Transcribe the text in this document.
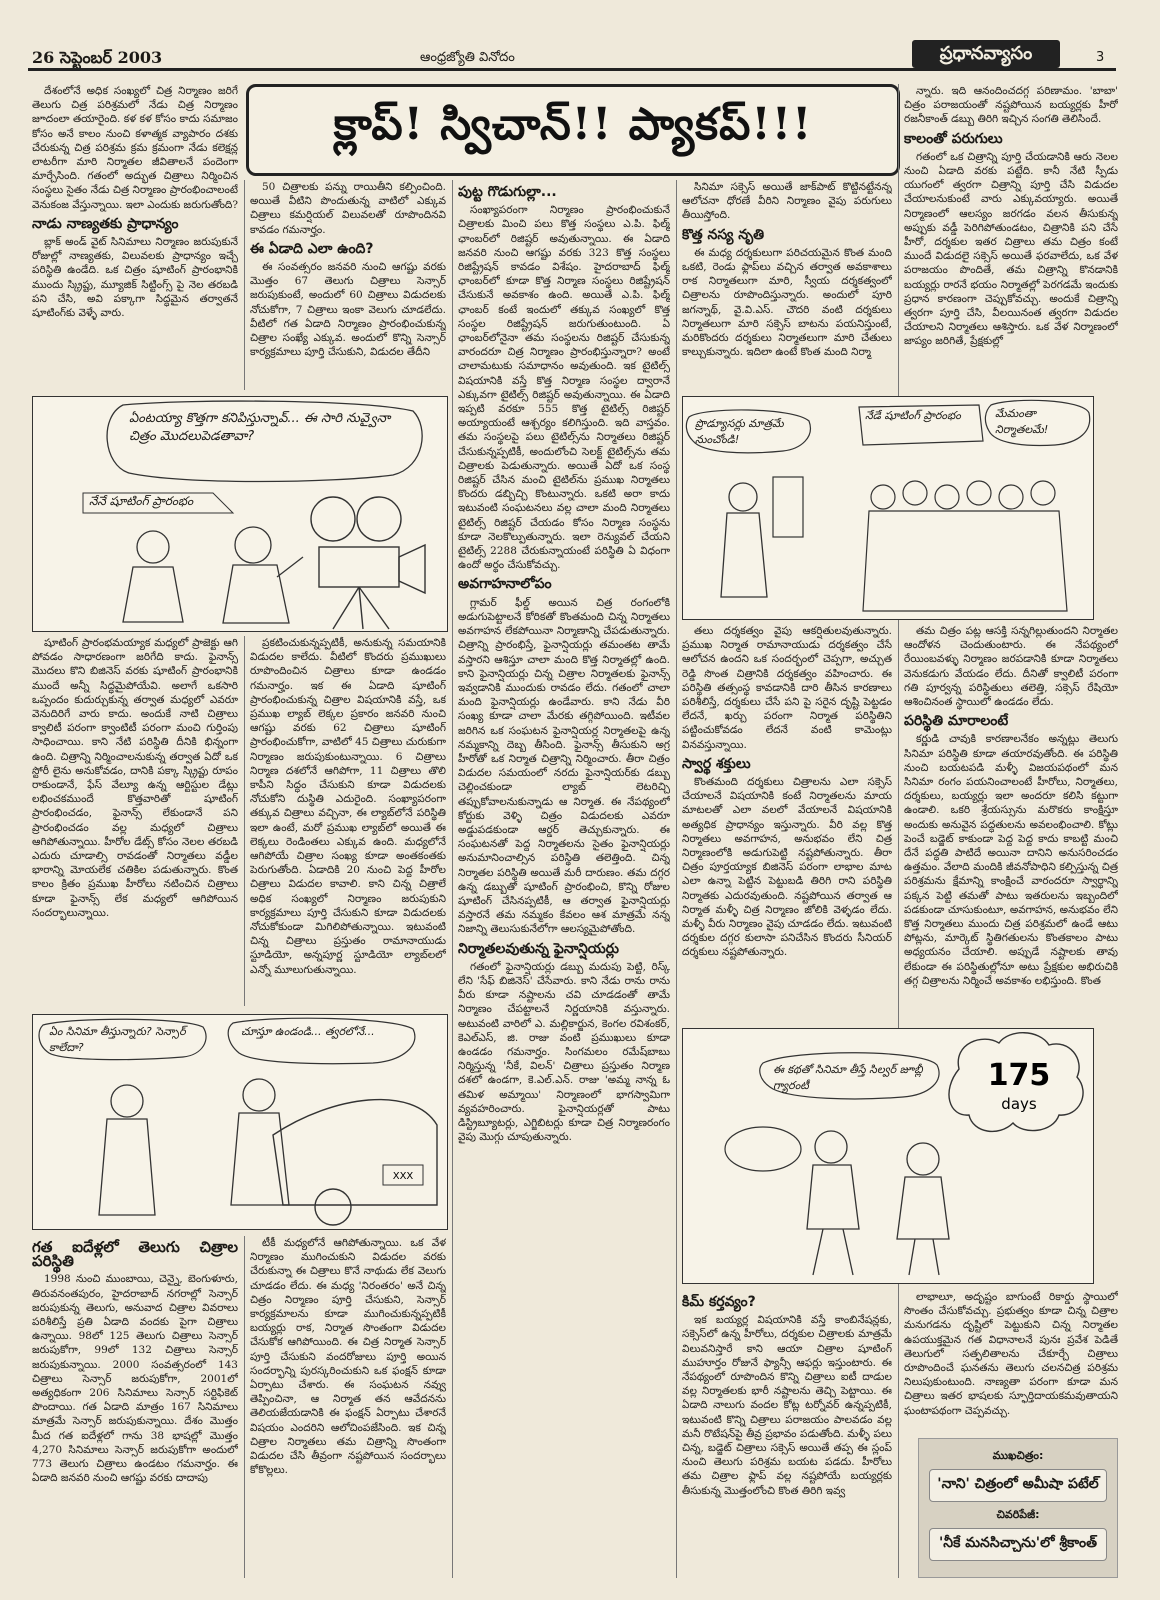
26 సెప్టెంబర్ 2003	ఆంధ్రజ్యోతి వినోదం	ప్రధానవ్యాసం	3
క్లాప్! స్విచాన్!! ప్యాకప్!!!

దేశంలోనే అధిక సంఖ్యలో చిత్ర నిర్మాణం జరిగే తెలుగు చిత్ర పరిశ్రమలో నేడు చిత్ర నిర్మాణం జూదంలా తయారైంది. కళ కళ కోసం కాదు సమాజం కోసం అనే కాలం నుంచి కళాత్మక వ్యాపారం దశకు చేరుకున్న చిత్ర పరిశ్రమ క్రమ క్రమంగా నేడు కలెక్షన్ల లాటరీగా మారి నిర్మాతల జీవితాలనే పందెంగా మార్చేసింది. గతంలో అద్భుత చిత్రాలు నిర్మించిన సంస్థలు సైతం నేడు చిత్ర నిర్మాణం ప్రారంభించాలంటే వెనుకంజ వేస్తున్నాయి. ఇలా ఎందుకు జరుగుతోంది?

నాడు నాణ్యతకు ప్రాధాన్యం

బ్లాక్ అండ్ వైట్ సినిమాలు నిర్మాణం జరుపుకునే రోజుల్లో నాణ్యతకు, విలువలకు ప్రాధాన్యం ఇచ్చే పరిస్థితి ఉండేది. ఒక చిత్రం షూటింగ్ ప్రారంభానికి ముందు స్క్రిప్టు, మ్యూజిక్ సిట్టింగ్స్ పై నెల తరబడి పని చేసి, అవి పక్కాగా సిద్ధమైన తర్వాతనే షూటింగ్‌కు వెళ్ళే వారు.

షూటింగ్ ప్రారంభమయ్యాక మధ్యలో ప్రాజెక్టు ఆగి పోవడం సాధారణంగా జరిగేది కాదు. ఫైనాన్స్ మొదలు కొని బిజినెస్ వరకు షూటింగ్ ప్రారంభానికి ముందే అన్నీ సిద్ధమైపోయేవి. అలాగే ఒకసారి ఒప్పందం కుదుర్చుకున్న తర్వాత మధ్యలో ఎవరూ వెనుదిరిగే వారు కాదు. అందుకే నాటి చిత్రాలు క్వాలిటీ పరంగా క్వాంటిటీ పరంగా మంచి గుర్తింపు సాధించాయి. కాని నేటి పరిస్థితి దీనికి భిన్నంగా ఉంది. చిత్రాన్ని నిర్మించాలనుకున్న తర్వాత ఏదో ఒక స్టోరీ లైను అనుకోవడం, దానికి పక్కా స్క్రిప్టు రూపం రాకుండానే, ఫేస్ వేల్యూ ఉన్న ఆర్టిస్టుల డేట్లు లభించకముందే కొత్తవారితో షూటింగ్ ప్రారంభించడం, ఫైనాన్స్ లేకుండానే పని ప్రారంభించడం వల్ల మధ్యలో చిత్రాలు ఆగిపోతున్నాయి. హీరోల డేట్స్ కోసం నెలల తరబడి ఎదురు చూడాల్సి రావడంతో నిర్మాతలు వడ్డీల భారాన్ని మోయలేక చతికిల పడుతున్నారు. కొంత కాలం క్రితం ప్రముఖ హీరోలు నటించిన చిత్రాలు కూడా ఫైనాన్స్ లేక మధ్యలో ఆగిపోయిన సందర్భాలున్నాయి.

గత ఐదేళ్లలో తెలుగు చిత్రాల పరిస్థితి

1998 నుంచి ముంబాయి, చెన్నై, బెంగుళూరు, తిరువనంతపురం, హైదరాబాద్ నగరాల్లో సెన్సార్ జరుపుకున్న తెలుగు, అనువాద చిత్రాల వివరాలు పరిశీలిస్తే ప్రతి ఏడాది వందకు పైగా చిత్రాలు ఉన్నాయి. 98లో 125 తెలుగు చిత్రాలు సెన్సార్ జరుపుకోగా, 99లో 132 చిత్రాలు సెన్సార్ జరుపుకున్నాయి. 2000 సంవత్సరంలో 143 చిత్రాలు సెన్సార్ జరుపుకోగా, 2001లో అత్యధికంగా 206 సినిమాలు సెన్సార్ సర్టిఫికెట్ పొందాయి. గత ఏడాది మాత్రం 167 సినిమాలు మాత్రమే సెన్సార్ జరుపుకున్నాయి. దేశం మొత్తం మీద గత ఐదేళ్లలో గాను 38 భాషల్లో మొత్తం 4,270 సినిమాలు సెన్సార్ జరుపుకోగా అందులో 773 తెలుగు చిత్రాలు ఉండటం గమనార్హం. ఈ ఏడాది జనవరి నుంచి ఆగష్టు వరకు దాదాపు

50 చిత్రాలకు పన్ను రాయితీని కల్పించింది. అయితే వీటిని పొందుతున్న వాటిలో ఎక్కువ చిత్రాలు కమర్షియల్ విలువలతో రూపొందినవి కావడం గమనార్హం.

ఈ ఏడాది ఎలా ఉంది?

ఈ సంవత్సరం జనవరి నుంచి ఆగష్టు వరకు మొత్తం 67 తెలుగు చిత్రాలు సెన్సార్ జరుపుకుంటే, అందులో 60 చిత్రాలు విడుదలకు నోచుకోగా, 7 చిత్రాలు ఇంకా వెలుగు చూడలేదు. వీటిలో గత ఏడాది నిర్మాణం ప్రారంభించుకున్న చిత్రాల సంఖ్యే ఎక్కువ. అందులో కొన్ని సెన్సార్ కార్యక్రమాలు పూర్తి చేసుకుని, విడుదల తేదీని

ప్రకటించుకున్నప్పటికీ, అనుకున్న సమయానికి విడుదల కాలేదు. వీటిలో కొందరు ప్రముఖులు రూపొందించిన చిత్రాలు కూడా ఉండడం గమనార్హం. ఇక ఈ ఏడాది షూటింగ్ ప్రారంభించుకున్న చిత్రాల విషయానికి వస్తే, ఒక ప్రముఖ ల్యాబ్ లెక్కల ప్రకారం జనవరి నుంచి ఆగష్టు వరకు 62 చిత్రాలు షూటింగ్ ప్రారంభించుకోగా, వాటిలో 45 చిత్రాలు చురుకుగా నిర్మాణం జరుపుకుంటున్నాయి. 6 చిత్రాలు నిర్మాణ దశలోనే ఆగిపోగా, 11 చిత్రాలు తొలి కాపీని సిద్ధం చేసుకుని కూడా విడుదలకు నోచుకోని దుస్థితి ఎదురైంది. సంఖ్యాపరంగా తక్కువ చిత్రాలు వచ్చినా, ఈ ల్యాబ్‌లోనే పరిస్థితి ఇలా ఉంటే, మరో ప్రముఖ ల్యాబ్‌లో అయితే ఈ లెక్కలు రెండింతలు ఎక్కువ ఉంది. మధ్యలోనే ఆగిపోయే చిత్రాల సంఖ్య కూడా అంతకంతకు పెరుగుతోంది. ఏడాదికి 20 నుంచి పెద్ద హీరోల చిత్రాలు విడుదల కావాలి. కాని చిన్న చిత్రాలే అధిక సంఖ్యలో నిర్మాణం జరుపుకుని కార్యక్రమాలు పూర్తి చేసుకుని కూడా విడుదలకు నోచుకోకుండా మిగిలిపోతున్నాయి. ఇటువంటి చిన్న చిత్రాలు ప్రస్తుతం రామానాయుడు స్టూడియో, అన్నపూర్ణ స్టూడియో ల్యాబ్‌లలో ఎన్నో మూలుగుతున్నాయి.

టీకీ మధ్యలోనే ఆగిపోతున్నాయి. ఒక వేళ నిర్మాణం ముగించుకుని విడుదల వరకు చేరుకున్నా ఈ చిత్రాలు కొనే నాథుడు లేక వెలుగు చూడడం లేదు. ఈ మధ్య 'నిరంతరం' అనే చిన్న చిత్రం నిర్మాణం పూర్తి చేసుకుని, సెన్సార్ కార్యక్రమాలను కూడా ముగించుకున్నప్పటికీ బయ్యర్లు రాక, నిర్మాత సొంతంగా విడుదల చేసుకోక ఆగిపోయింది. ఈ చిత్ర నిర్మాత సెన్సార్ పూర్తి చేసుకుని వందరోజులు పూర్తి అయిన సందర్భాన్ని పురస్కరించుకుని ఒక ఫంక్షన్ కూడా ఏర్పాటు చేశారు. ఈ సంఘటన నవ్వు తెప్పించినా, ఆ నిర్మాత తన ఆవేదనను తెలియజేయడానికి ఈ ఫంక్షన్ ఏర్పాటు చేశారనే విషయం ఎందరిని ఆలోచింపజేసింది. ఇక చిన్న చిత్రాల నిర్మాతలు తమ చిత్రాన్ని సొంతంగా విడుదల చేసి తీవ్రంగా నష్టపోయిన సందర్భాలు కోకొల్లలు.

పుట్ట గొడుగుల్లా...

సంఖ్యాపరంగా నిర్మాణం ప్రారంభించుకునే చిత్రాలకు మించి పలు కొత్త సంస్థలు ఎ.పి. ఫిల్మ్ ఛాంబర్‌లో రిజిష్టర్ అవుతున్నాయి. ఈ ఏడాది జనవరి నుంచి ఆగష్టు వరకు 323 కొత్త సంస్థలు రిజిష్ట్రేషన్ కావడం విశేషం. హైదరాబాద్ ఫిల్మ్ ఛాంబర్‌లో కూడా కొత్త నిర్మాణ సంస్థలు రిజిష్ట్రేషన్ చేసుకునే అవకాశం ఉంది. అయితే ఎ.పి. ఫిల్మ్ ఛాంబర్ కంటే ఇందులో తక్కువ సంఖ్యలో కొత్త సంస్థల రిజిష్ట్రేషన్ జరుగుతుంటుంది. ఏ ఛాంబర్‌లోనైనా తమ సంస్థలను రిజిష్టర్ చేసుకున్న వారందరూ చిత్ర నిర్మాణం ప్రారంభిస్తున్నారా? అంటే చాలామటుకు సమాధానం అవుతుంది. ఇక టైటిల్స్ విషయానికి వస్తే కొత్త నిర్మాణ సంస్థల ద్వారానే ఎక్కువగా టైటిల్స్ రిజిష్టర్ అవుతున్నాయి. ఈ ఏడాది ఇప్పటి వరకూ 555 కొత్త టైటిల్స్ రిజిష్టర్ అయ్యాయంటే ఆశ్చర్యం కలిగిస్తుంది. ఇది వాస్తవం. తమ సంస్థలపై పలు టైటిల్స్‌ను నిర్మాతలు రిజిష్టర్ చేసుకున్నప్పటికీ, అందులోంచి సెలక్ట్ టైటిల్స్‌ను తమ చిత్రాలకు పెడుతున్నారు. అయితే ఏదో ఒక సంస్థ రిజిష్టర్ చేసిన మంచి టైటిల్‌ను ప్రముఖ నిర్మాతలు కొందరు డబ్బిచ్చి కొంటున్నారు. ఒకటి అరా కాదు ఇటువంటి సంఘటనలు వల్ల చాలా మంది నిర్మాతలు టైటిల్స్ రిజిష్టర్ చేయడం కోసం నిర్మాణ సంస్థను కూడా నెలకొల్పుతున్నారు. ఇలా రెన్యువల్ చేయని టైటిల్స్ 2288 చేరుకున్నాయంటే పరిస్థితి ఏ విధంగా ఉందో అర్థం చేసుకోవచ్చు.

అవగాహనాలోపం

గ్లామర్ ఫీల్డ్ అయిన చిత్ర రంగంలోకి అడుగుపెట్టాలనే కోరికతో కొంతమంది చిన్న నిర్మాతలు అవగాహన లేకపోయినా నిర్మాణాన్ని చేపడుతున్నారు. చిత్రాన్ని ప్రారంభిస్తే, ఫైనాన్షియర్లు తమంతట తామే వస్తారని ఆశిస్తూ చాలా మంది కొత్త నిర్మాతల్లో ఉంది. కాని ఫైనాన్షియర్లు చిన్న చిత్రాల నిర్మాతలకు ఫైనాన్స్ ఇవ్వడానికి ముందుకు రావడం లేదు. గతంలో చాలా మంది ఫైనాన్షియర్లు ఉండేవారు. కాని నేడు వీరి సంఖ్య కూడా చాలా మేరకు తగ్గిపోయింది. ఇటీవల జరిగిన ఒక సంఘటన ఫైనాన్షియర్ల నిర్మాతలపై ఉన్న నమ్మకాన్ని దెబ్బ తీసింది. ఫైనాన్స్ తీసుకుని అగ్ర హీరోతో ఒక నిర్మాత చిత్రాన్ని నిర్మించారు. తీరా చిత్రం విడుదల సమయంలో నరదు ఫైనాన్షియర్‌కు డబ్బు చెల్లించకుండా ల్యాబ్ లెటరిచ్చి తప్పుకోవాలనుకున్నాడు ఆ నిర్మాత. ఈ నేపథ్యంలో కోర్టుకు వెళ్ళి చిత్రం విడుదలకు ఎవరూ అడ్డుపడకుండా ఆర్డర్ తెచ్చుకున్నారు. ఈ సంఘటనతో పెద్ద నిర్మాతలను సైతం ఫైనాన్షియర్లు అనుమానించాల్సిన పరిస్థితి తలెత్తింది. చిన్న నిర్మాతల పరిస్థితి అయితే మరీ దారుణం. తమ దగ్గర ఉన్న డబ్బుతో షూటింగ్ ప్రారంభించి, కొన్ని రోజుల షూటింగ్ చేసినప్పటికీ, ఆ తర్వాత ఫైనాన్షియర్లు వస్తారనే తమ నమ్మకం కేవలం ఆశ మాత్రమే నన్న నిజాన్ని తెలుసుకునేలోగా ఆలస్యమైపోతోంది.

నిర్మాతలవుతున్న ఫైనాన్షియర్లు

గతంలో ఫైనాన్షియర్లు డబ్బు మదుపు పెట్టి, రిస్క్ లేని 'సేఫ్ బిజినెస్' చేసేవారు. కాని నేడు రాను రాను వీరు కూడా నష్టాలను చవి చూడడంతో తామే నిర్మాణం చేపట్టాలనే నిర్ణయానికి వస్తున్నారు. అటువంటి వారిలో ఎ. మల్లికార్జున, కెంగల రవిశంకర్, కెఎల్ఎస్, జి. రాజు వంటి ప్రముఖులు కూడా ఉండడం గమనార్హం. సింగమలం రమేష్‌బాబు నిర్మిస్తున్న 'నీకే, విలన్' చిత్రాలు ప్రస్తుతం నిర్మాణ దశలో ఉండగా, కె.ఎల్.ఎన్. రాజు 'అమ్మ నాన్న ఓ తమిళ అమ్మాయి' నిర్మాణంలో భాగస్వామిగా వ్యవహరించారు. ఫైనాన్షియర్లతో పాటు డిస్ట్రిబ్యూటర్లు, ఎగ్జిబిటర్లు కూడా చిత్ర నిర్మాణరంగం వైపు మొగ్గు చూపుతున్నారు.

సినిమా సక్సెస్ అయితే జాక్‌పాట్ కొట్టినట్టేనన్న ఆలోచనా ధోరణే వీరిని నిర్మాణం వైపు పరుగులు తీయిస్తోంది.

కొత్త నస్య నృతి

ఈ మధ్య దర్శకులుగా పరిచయమైన కొంత మంది ఒకటి, రెండు ఫ్లాప్‌లు వచ్చిన తర్వాత అవకాశాలు రాక నిర్మాతలుగా మారి, స్వీయ దర్శకత్వంలో చిత్రాలను రూపొందిస్తున్నారు. అందులో పూరి జగన్నాథ్, వై.వి.ఎస్. చౌదరి వంటి దర్శకులు నిర్మాతలుగా మారి సక్సెస్ బాటను పయనిస్తుంటే, మరికొందరు దర్శకులు నిర్మాతలుగా మారి చేతులు కాల్చుకున్నారు. ఇదిలా ఉంటే కొంత మంది నిర్మా

తలు దర్శకత్వం వైపు ఆకర్షితులవుతున్నారు. ప్రముఖ నిర్మాత రామానాయుడు దర్శకత్వం చేసే ఆలోచన ఉందని ఒక సందర్భంలో చెప్పగా, అచ్చుత రెడ్డి సొంత చిత్రానికి దర్శకత్వం వహించారు. ఈ పరిస్థితి తత్సంస్థ కావడానికి దారి తీసిన కారణాలు పరిశీలిస్తే, దర్శకులు చేసే పని పై సరైన దృష్టి పెట్టడం లేదనే, ఖర్చు పరంగా నిర్మాత పరిస్థితిని పట్టించుకోవడం లేదనే వంటి కామెంట్లు వినవస్తున్నాయి.

స్వార్థ శక్తులు

కొంతమంది దర్శకులు చిత్రాలను ఎలా సక్సెస్ చేయాలనే విషయానికి కంటే నిర్మాతలను మాయ మాటలతో ఎలా వలలో వేయాలనే విషయానికి అత్యధిక ప్రాధాన్యం ఇస్తున్నారు. వీరి వల్ల కొత్త నిర్మాతలు అవగాహన, అనుభవం లేని చిత్ర నిర్మాణంలోకి అడుగుపెట్టి నష్టపోతున్నారు. తీరా చిత్రం పూర్తయ్యాక బిజినెస్ పరంగా లాభాల మాట ఎలా ఉన్నా పెట్టిన పెట్టుబడి తిరిగి రాని పరిస్థితి నిర్మాతకు ఎదురవుతుంది. నష్టపోయిన తర్వాత ఆ నిర్మాత మళ్ళీ చిత్ర నిర్మాణం జోలికి వెళ్ళడం లేదు. మళ్ళీ వీరు నిర్మాణం వైపు చూడడం లేదు. ఇటువంటి దర్శకుల దగ్గర కులాసా పనిచేసిన కొందరు సీనియర్ దర్శకులు నష్టపోతున్నారు.

కిమ్ కర్తవ్యం?

ఇక బయ్యర్ల విషయానికి వస్తే కాంబినేషన్లకు, సక్సెస్‌లో ఉన్న హీరోలు, దర్శకుల చిత్రాలకు మాత్రమే విలువనిస్తారే కాని ఆయా చిత్రాల షూటింగ్ ముహూర్తం రోజునే ఫ్యాన్సీ ఆఫర్లు ఇస్తుంటారు. ఈ నేపథ్యంలో రూపొందిన కొన్ని చిత్రాలు ఐటీ దాడుల వల్ల నిర్మాతలకు భారీ నష్టాలను తెచ్చి పెట్టాయి. ఈ ఏడాది నాలుగు వందల కోట్ల టర్నోవర్ ఉన్నప్పటికీ, ఇటువంటి కొన్ని చిత్రాలు పరాజయం పాలవడం వల్ల మనీ రొటేషన్‌పై తీవ్ర ప్రభావం పడుతోంది. మళ్ళీ పలు చిన్న, బడ్జెట్ చిత్రాలు సక్సెస్ అయితే తప్ప ఈ స్లంప్ నుంచి తెలుగు పరిశ్రమ బయట పడదు. హీరోలు తమ చిత్రాల ఫ్లాప్ వల్ల నష్టపోయే బయ్యర్లకు తీసుకున్న మొత్తంలోంచి కొంత తిరిగి ఇవ్వ

న్నారు. ఇది ఆనందించదగ్గ పరిణామం. 'బాబా' చిత్రం పరాజయంతో నష్టపోయిన బయ్యర్లకు హీరో రజనీకాంత్ డబ్బు తిరిగి ఇచ్చిన సంగతి తెలిసిందే.

కాలంతో పరుగులు

గతంలో ఒక చిత్రాన్ని పూర్తి చేయడానికి ఆరు నెలల నుంచి ఏడాది వరకు పట్టేది. కానీ నేటి స్పీడు యుగంలో త్వరగా చిత్రాన్ని పూర్తి చేసి విడుదల చేయాలనుకుంటే వారు ఎక్కువయ్యారు. అయితే నిర్మాణంలో ఆలస్యం జరగడం వలన తీసుకున్న అప్పుకు వడ్డీ పెరిగిపోతుండటం, చిత్రానికి పని చేసే హీరో, దర్శకుల ఇతర చిత్రాలు తమ చిత్రం కంటే ముందే విడుదలై సక్సెస్ అయితే ఫరవాలేదు, ఒక వేళ పరాజయం పొందితే, తమ చిత్రాన్ని కొనడానికి బయ్యర్లు రారనే భయం నిర్మాతల్లో పెరగడమే ఇందుకు ప్రధాన కారణంగా చెప్పుకోవచ్చు. అందుకే చిత్రాన్ని త్వరగా పూర్తి చేసి, వీలయినంత త్వరగా విడుదల చేయాలని నిర్మాతలు ఆశిస్తారు. ఒక వేళ నిర్మాణంలో జాప్యం జరిగితే, ప్రేక్షకుల్లో

తమ చిత్రం పట్ల ఆసక్తి సన్నగిల్లుతుందని నిర్మాతల ఆందోళన చెందుతుంటారు. ఈ నేపథ్యంలో రేయింబవళ్ళు నిర్మాణం జరపడానికి కూడా నిర్మాతలు వెనుకడుగు వేయడం లేదు. దీనితో క్వాలిటీ పరంగా గతి పూర్వన్న పరిస్థితులు తలెత్తి, సక్సెస్ రేషియో ఆశించినంత స్థాయిలో ఉండడం లేదు.

పరిస్థితి మారాలంటే

కర్ణుడి చావుకి కారణాలనేకం అన్నట్లు తెలుగు సినిమా పరిస్థితి కూడా తయారవుతోంది. ఈ పరిస్థితి నుంచి బయటపడి మళ్ళీ విజయపథంలో మన సినిమా రంగం పయనించాలంటే హీరోలు, నిర్మాతలు, దర్శకులు, బయ్యర్లు ఇలా అందరూ కలిసి కట్టుగా ఉండాలి. ఒకరి శ్రేయస్సును మరొకరు కాంక్షిస్తూ అందుకు అనువైన పద్ధతులను అవలంభించాలి. కోట్లు పెంచే బడ్జెట్ కాకుండా పెద్ద పెద్ద కాదు కాబట్టి మంచి దేనే పద్ధతి పాటిదే అయినా దానిని అనుసరించడం ఉత్తమం. వేలాది మందికి జీవనోపాధిని కల్పిస్తున్న చిత్ర పరిశ్రమను క్షేమాన్ని కాంక్షించే వారందరూ స్వార్థాన్ని పక్కన పెట్టి తమతో పాటు ఇతరులను ఇబ్బందిలో పడకుండా చూసుకుంటూ, అవగాహన, అనుభవం లేని కొత్త నిర్మాతలు ముందు చిత్ర పరిశ్రమలో ఉండే ఆటు పోట్లను, మార్కెట్ స్థితిగతులను కొంతకాలం పాటు అధ్యయనం చేయాలి. అప్పుడే నష్టాలకు తావు లేకుండా ఈ పరిస్థితుల్లోనూ అటు ప్రేక్షకుల అభిరుచికి తగ్గ చిత్రాలను నిర్మించే అవకాశం లభిస్తుంది. కొంత

లాభాలూ, అదృష్టం బాగుంటే రికార్డు స్థాయిలో సొంతం చేసుకోవచ్చు. ప్రభుత్వం కూడా చిన్న చిత్రాల మనుగడను దృష్టిలో పెట్టుకుని చిన్న నిర్మాతల ఉపయుక్తమైన గత విధానాలనే పునః ప్రవేశ పెడితే తెలుగులో సత్ఫలితాలను చేకూర్చే చిత్రాలు రూపొందించే ఘనతను తెలుగు చలనచిత్ర పరిశ్రమ నిలుపుకుంటుంది. నాణ్యతా పరంగా కూడా మన చిత్రాలు ఇతర భాషలకు స్ఫూర్తిదాయకమవుతాయని ఘంటాపథంగా చెప్పవచ్చు.

ఏంటయ్యా కొత్తగా కనిపిస్తున్నావ్... ఈ సారి నువ్వైనా చిత్రం మొదలుపెడతావా?
నేనే షూటింగ్ ప్రారంభం
ఏం సినిమా తీస్తున్నారు? సెన్సార్ కాలేదా?
చూస్తూ ఉండండి... త్వరలోనే...
XXX
ప్రొడ్యూసర్లు మాత్రమే నుంచోండి!
నేడే షూటింగ్ ప్రారంభం	మేమంతా నిర్మాతలమే!
ఈ కథతో సినిమా తీస్తే సిల్వర్ జూబ్లీ గ్యారంటీ	175
days
ముఖచిత్రం:
'నాని' చిత్రంలో అమీషా పటేల్
చివరిపేజీ:
'నీకే మనసిచ్చాను'లో శ్రీకాంత్
